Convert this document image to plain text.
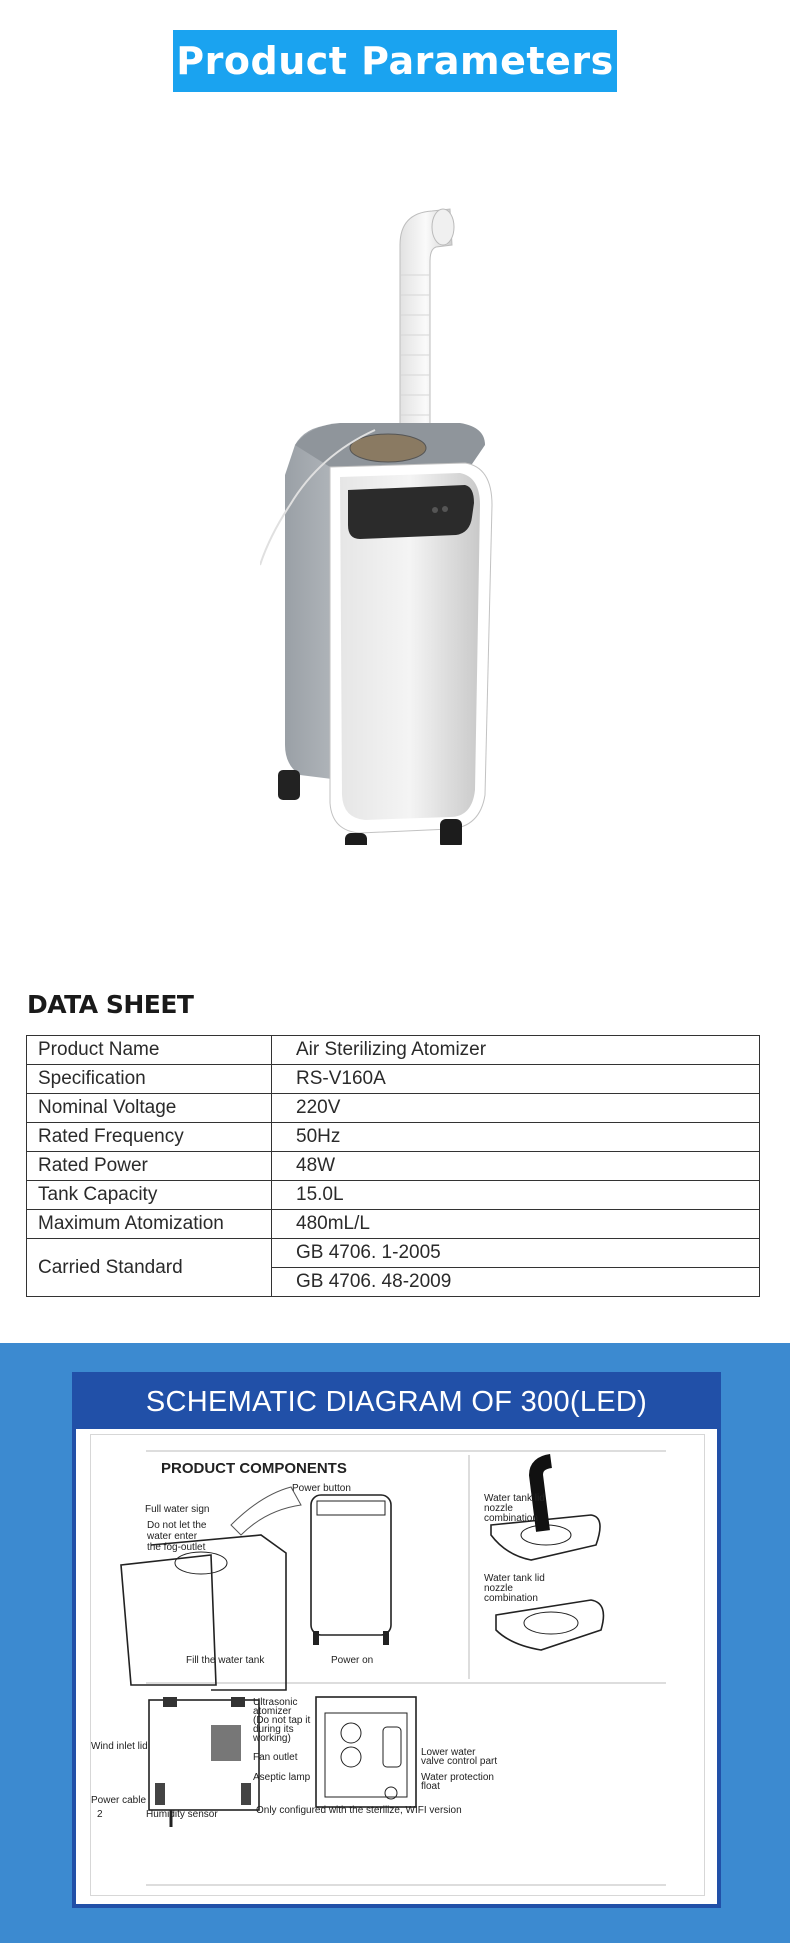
Product Parameters
DATA SHEET
Product Name	Air Sterilizing Atomizer
Specification	RS-V160A
Nominal Voltage	220V
Rated Frequency	50Hz
Rated Power	48W
Tank Capacity	15.0L
Maximum Atomization	480mL/L
Carried Standard	GB 4706. 1-2005
	GB 4706. 48-2009
SCHEMATIC DIAGRAM OF 300(LED)
PRODUCT COMPONENTS
Full water sign
Do not let the
water enter
the fog-outlet
Fill the water tank
Power button
Power on
Water tank lid
nozzle
combination
Water tank lid
nozzle
combination
Wind inlet lid
Power cable
2	Humidity sensor
Ultrasonic
atomizer
(Do not tap it
during its
working)
Fan outlet
Aseptic lamp
Lower water
valve control part
Water protection
float
Only configured with the sterilize, WIFI version
